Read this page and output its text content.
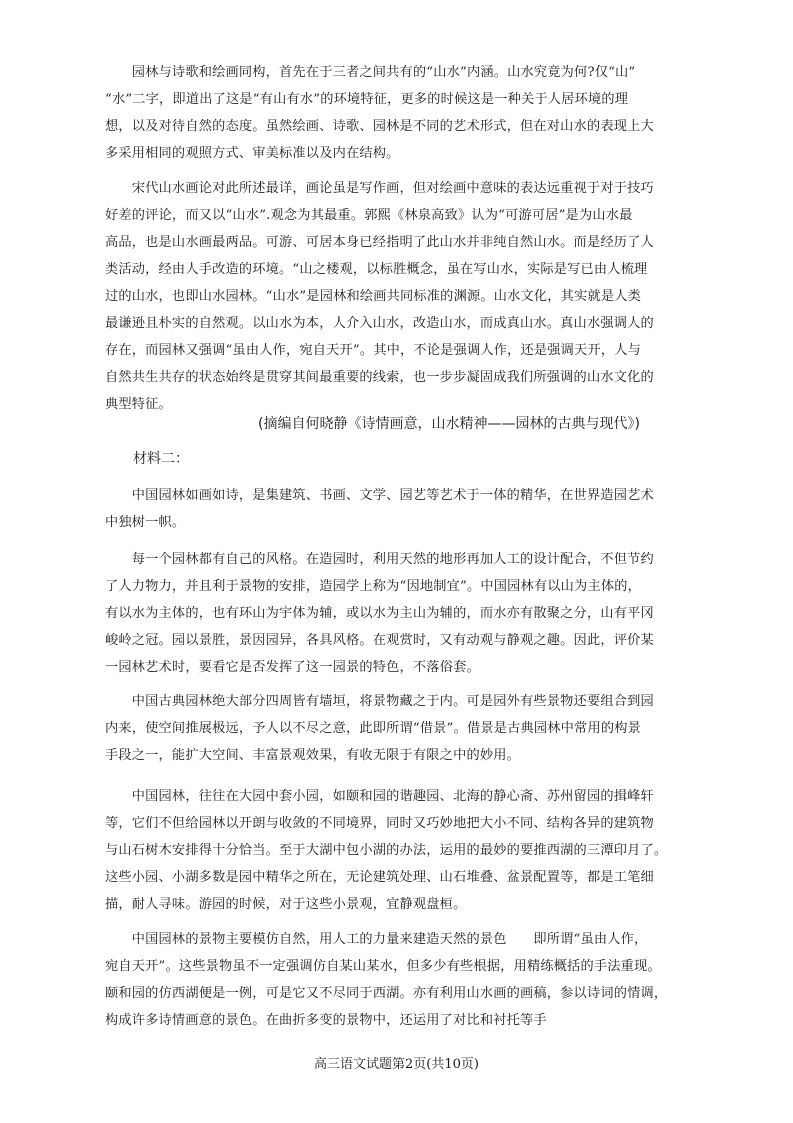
　　园林与诗歌和绘画同构，首先在于三者之间共有的“山水”内涵。山水究竟为何?仅“山”
“水”二字，即道出了这是“有山有水”的环境特征，更多的时候这是一种关于人居环境的理
想，以及对待自然的态度。虽然绘画、诗歌、园林是不同的艺术形式，但在对山水的表现上大
多采用相同的观照方式、审美标准以及内在结构。
　　宋代山水画论对此所述最详，画论虽是写作画，但对绘画中意味的表达远重视于对于技巧
好差的评论，而又以“山水”.观念为其最重。郭熙《林泉高致》认为“可游可居”是为山水最
高品，也是山水画最两品。可游、可居本身已经指明了此山水并非纯自然山水。而是经历了人
类活动，经由人手改造的环境。“山之楼观，以标胜概念，虽在写山水，实际是写已由人梳理
过的山水，也即山水园林。“山水”是园林和绘画共同标准的渊源。山水文化，其实就是人类
最谦逊且朴实的自然观。以山水为本，人介入山水，改造山水，而成真山水。真山水强调人的
存在，而园林又强调“虽由人作，宛自天开”。其中，不论是强调人作，还是强调天开，人与
自然共生共存的状态始终是贯穿其间最重要的线索，也一步步凝固成我们所强调的山水文化的
典型特征。
(摘编自何晓静《诗情画意，山水精神——园林的古典与现代》)
材料二：
　　中国园林如画如诗，是集建筑、书画、文学、园艺等艺术于一体的精华，在世界造园艺术
中独树一帜。
　　每一个园林都有自己的风格。在造园时，利用天然的地形再加人工的设计配合，不但节约
了人力物力，并且利于景物的安排，造园学上称为“因地制宜”。中国园林有以山为主体的，
有以水为主体的，也有环山为宇体为辅，或以水为主山为辅的，而水亦有散聚之分，山有平冈
峻岭之冠。园以景胜，景因园异，各具风格。在观赏时，又有动观与静观之趣。因此，评价某
一园林艺术时，要看它是否发挥了这一园景的特色，不落俗套。
　　中国古典园林绝大部分四周皆有墙垣，将景物藏之于内。可是园外有些景物还要组合到园
内来，使空间推展极远，予人以不尽之意，此即所谓“借景”。借景是古典园林中常用的构景
手段之一，能扩大空间、丰富景观效果，有收无限于有限之中的妙用。
　　中国园林，往往在大园中套小园，如颐和园的谐趣园、北海的静心斋、苏州留园的揖峰轩
等，它们不但给园林以开朗与收敛的不同境界，同时又巧妙地把大小不同、结构各异的建筑物
与山石树木安排得十分恰当。至于大湖中包小湖的办法，运用的最妙的要推西湖的三潭印月了。
这些小园、小湖多数是园中精华之所在，无论建筑处理、山石堆叠、盆景配置等，都是工笔细
描，耐人寻味。游园的时候，对于这些小景观，宜静观盘桓。
　　中国园林的景物主要模仿自然，用人工的力量来建造天然的景色　　即所谓“虽由人作，
宛自天开”。这些景物虽不一定强调仿自某山某水，但多少有些根据，用精练概括的手法重现。
颐和园的仿西湖便是一例，可是它又不尽同于西湖。亦有利用山水画的画稿，参以诗词的情调，
构成许多诗情画意的景色。在曲折多变的景物中，还运用了对比和衬托等手
高三语文试题第2页(共10页)
